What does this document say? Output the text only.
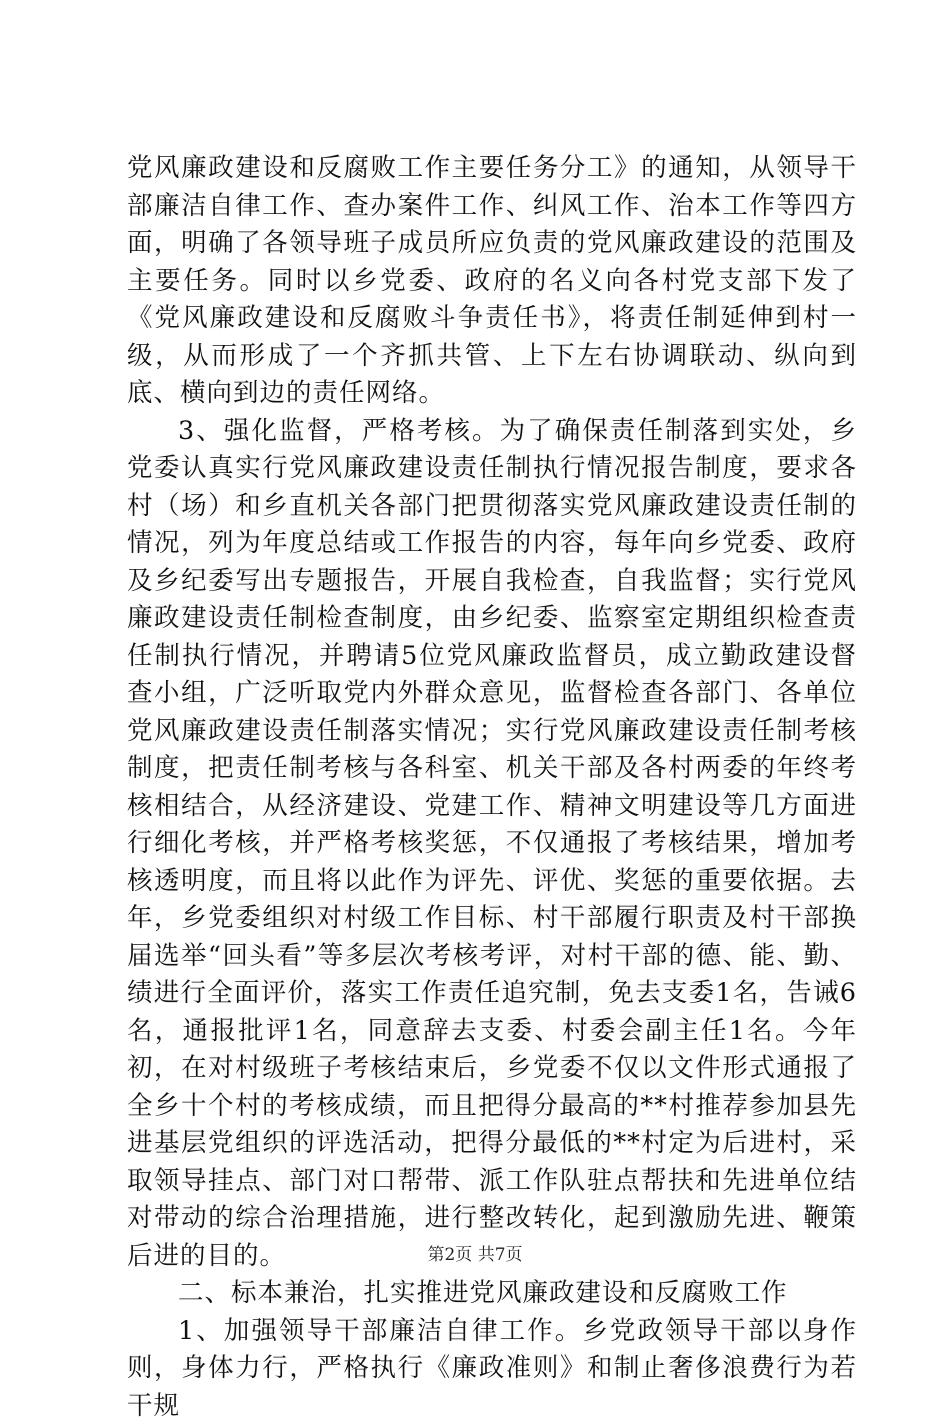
党风廉政建设和反腐败工作主要任务分工》的通知，从领导干部廉洁自律工作、查办案件工作、纠风工作、治本工作等四方面，明确了各领导班子成员所应负责的党风廉政建设的范围及主要任务。同时以乡党委、政府的名义向各村党支部下发了《党风廉政建设和反腐败斗争责任书》，将责任制延伸到村一级，从而形成了一个齐抓共管、上下左右协调联动、纵向到底、横向到边的责任网络。

3、强化监督，严格考核。为了确保责任制落到实处，乡党委认真实行党风廉政建设责任制执行情况报告制度，要求各村（场）和乡直机关各部门把贯彻落实党风廉政建设责任制的情况，列为年度总结或工作报告的内容，每年向乡党委、政府及乡纪委写出专题报告，开展自我检查，自我监督；实行党风廉政建设责任制检查制度，由乡纪委、监察室定期组织检查责任制执行情况，并聘请5位党风廉政监督员，成立勤政建设督查小组，广泛听取党内外群众意见，监督检查各部门、各单位党风廉政建设责任制落实情况；实行党风廉政建设责任制考核制度，把责任制考核与各科室、机关干部及各村两委的年终考核相结合，从经济建设、党建工作、精神文明建设等几方面进行细化考核，并严格考核奖惩，不仅通报了考核结果，增加考核透明度，而且将以此作为评先、评优、奖惩的重要依据。去年，乡党委组织对村级工作目标、村干部履行职责及村干部换届选举“回头看”等多层次考核考评，对村干部的德、能、勤、绩进行全面评价，落实工作责任追究制，免去支委1名，告诫6名，通报批评1名，同意辞去支委、村委会副主任1名。今年初，在对村级班子考核结束后，乡党委不仅以文件形式通报了全乡十个村的考核成绩，而且把得分最高的**村推荐参加县先进基层党组织的评选活动，把得分最低的**村定为后进村，采取领导挂点、部门对口帮带、派工作队驻点帮扶和先进单位结对带动的综合治理措施，进行整改转化，起到激励先进、鞭策后进的目的。

二、标本兼治，扎实推进党风廉政建设和反腐败工作

1、加强领导干部廉洁自律工作。乡党政领导干部以身作则，身体力行，严格执行《廉政准则》和制止奢侈浪费行为若干规

第2页 共7页
